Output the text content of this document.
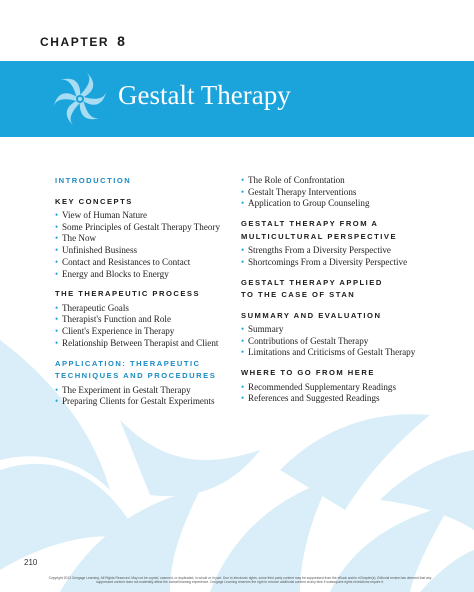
CHAPTER 8
Gestalt Therapy
INTRODUCTION
KEY CONCEPTS
• View of Human Nature
• Some Principles of Gestalt Therapy Theory
• The Now
• Unfinished Business
• Contact and Resistances to Contact
• Energy and Blocks to Energy
THE THERAPEUTIC PROCESS
• Therapeutic Goals
• Therapist's Function and Role
• Client's Experience in Therapy
• Relationship Between Therapist and Client
APPLICATION: THERAPEUTIC
TECHNIQUES AND PROCEDURES
• The Experiment in Gestalt Therapy
• Preparing Clients for Gestalt Experiments
• The Role of Confrontation
• Gestalt Therapy Interventions
• Application to Group Counseling
GESTALT THERAPY FROM A
MULTICULTURAL PERSPECTIVE
• Strengths From a Diversity Perspective
• Shortcomings From a Diversity Perspective
GESTALT THERAPY APPLIED
TO THE CASE OF STAN
SUMMARY AND EVALUATION
• Summary
• Contributions of Gestalt Therapy
• Limitations and Criticisms of Gestalt Therapy
WHERE TO GO FROM HERE
• Recommended Supplementary Readings
• References and Suggested Readings
210
Copyright 2013 Cengage Learning. All Rights Reserved. May not be copied, scanned, or duplicated, in whole or in part. Due to electronic rights, some third party content may be suppressed from the eBook and/or eChapter(s). Editorial review has deemed that any suppressed content does not materially affect the overall learning experience. Cengage Learning reserves the right to remove additional content at any time if subsequent rights restrictions require it.
